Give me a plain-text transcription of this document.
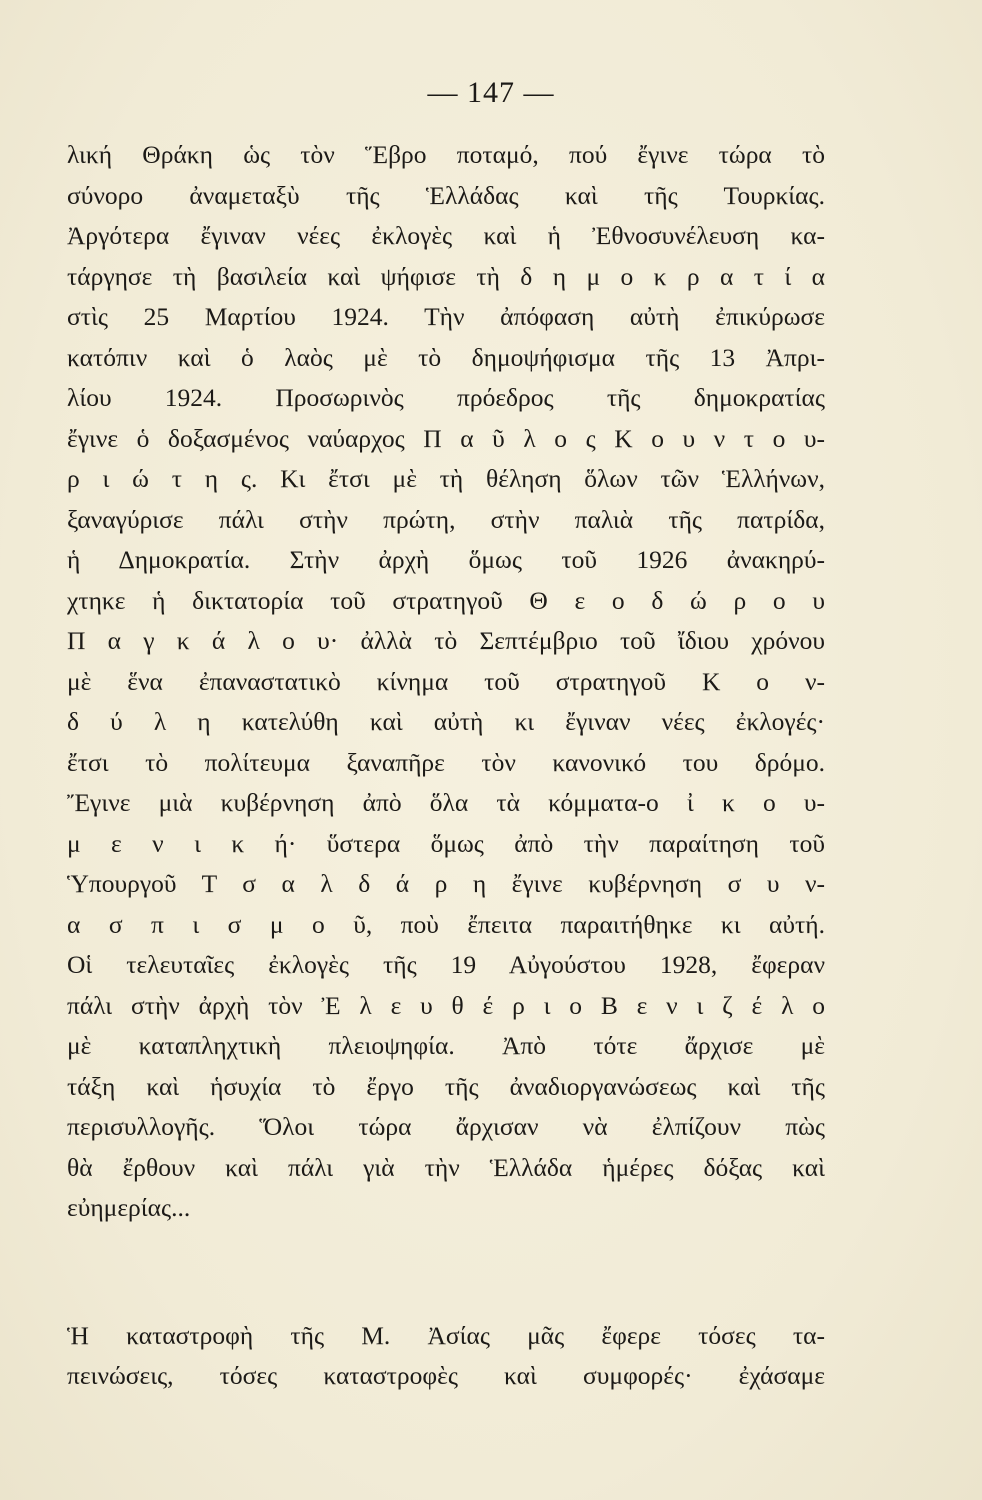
— 147 —
λική Θράκη ὡς τὸν Ἕβρο ποταμό, πού ἔγινε τώρα τὸ
σύνορο ἀναμεταξὺ τῆς Ἑλλάδας καὶ τῆς Τουρκίας.
Ἀργότερα ἔγιναν νέες ἐκλογὲς καὶ ἡ Ἐθνοσυνέλευση κα-
τάργησε τὴ βασιλεία καὶ ψήφισε τὴ δ η μ ο κ ρ α τ ί α
στὶς 25 Μαρτίου 1924. Τὴν ἀπόφαση αὐτὴ ἐπικύρωσε
κατόπιν καὶ ὁ λαὸς μὲ τὸ δημοψήφισμα τῆς 13 Ἀπρι-
λίου 1924. Προσωρινὸς πρόεδρος τῆς δημοκρατίας
ἔγινε ὁ δοξασμένος ναύαρχος Π α ῦ λ ο ς Κ ο υ ν τ ο υ-
ρ ι ώ τ η ς. Κι ἔτσι μὲ τὴ θέληση ὅλων τῶν Ἑλλήνων,
ξαναγύρισε πάλι στὴν πρώτη, στὴν παλιὰ τῆς πατρίδα,
ἡ Δημοκρατία. Στὴν ἀρχὴ ὅμως τοῦ 1926 ἀνακηρύ-
χτηκε ἡ δικτατορία τοῦ στρατηγοῦ Θ ε ο δ ώ ρ ο υ
Π α γ κ ά λ ο υ· ἀλλὰ τὸ Σεπτέμβριο τοῦ ἴδιου χρόνου
μὲ ἕνα ἐπαναστατικὸ κίνημα τοῦ στρατηγοῦ Κ ο ν-
δ ύ λ η κατελύθη καὶ αὐτὴ κι ἔγιναν νέες ἐκλογές·
ἔτσι τὸ πολίτευμα ξαναπῆρε τὸν κανονικό του δρόμο.
Ἔγινε μιὰ κυβέρνηση ἀπὸ ὅλα τὰ κόμματα-ο ἰ κ ο υ-
μ ε ν ι κ ή· ὕστερα ὅμως ἀπὸ τὴν παραίτηση τοῦ
Ὑπουργοῦ Τ σ α λ δ ά ρ η ἔγινε κυβέρνηση σ υ ν-
α σ π ι σ μ ο ῦ, ποὺ ἔπειτα παραιτήθηκε κι αὐτή.
Οἱ τελευταῖες ἐκλογὲς τῆς 19 Αὐγούστου 1928, ἔφεραν
πάλι στὴν ἀρχὴ τὸν Ἐ λ ε υ θ έ ρ ι ο Β ε ν ι ζ έ λ ο
μὲ καταπληχτικὴ πλειοψηφία. Ἀπὸ τότε ἄρχισε μὲ
τάξη καὶ ἡσυχία τὸ ἔργο τῆς ἀναδιοργανώσεως καὶ τῆς
περισυλλογῆς. Ὅλοι τώρα ἄρχισαν νὰ ἐλπίζουν πὼς
θὰ ἔρθουν καὶ πάλι γιὰ τὴν Ἑλλάδα ἡμέρες δόξας καὶ
εὐημερίας...
Ἡ καταστροφὴ τῆς Μ. Ἀσίας μᾶς ἔφερε τόσες τα-
πεινώσεις, τόσες καταστροφὲς καὶ συμφορές· ἐχάσαμε
